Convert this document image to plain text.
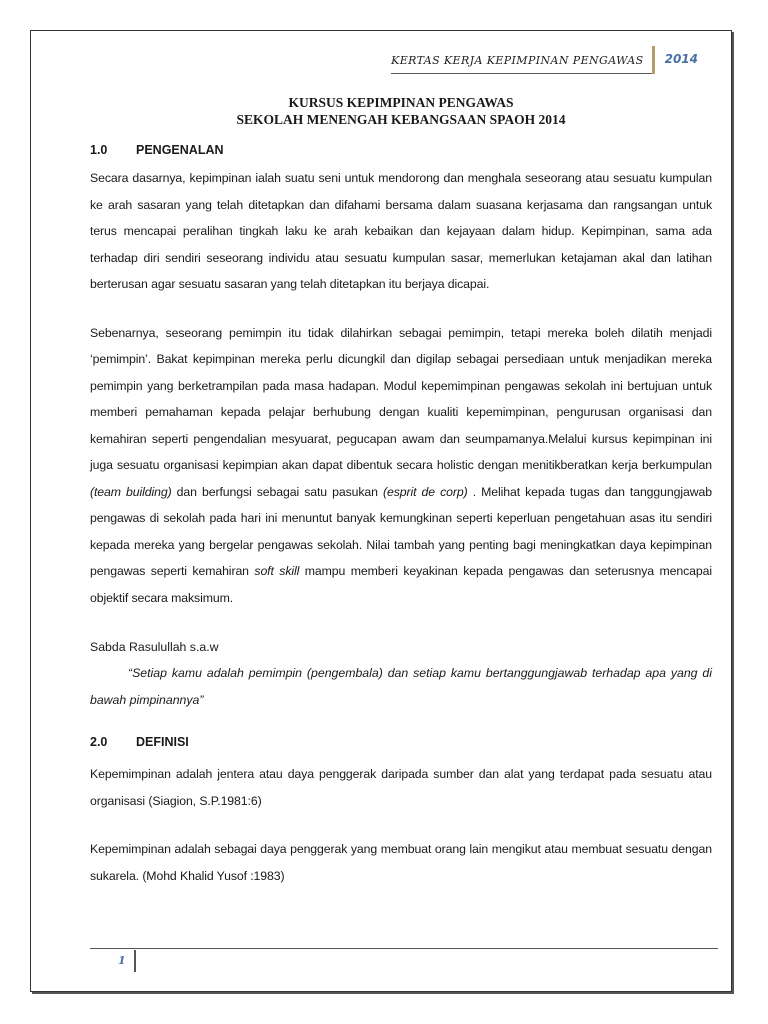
KERTAS KERJA KEPIMPINAN PENGAWAS	2014
KURSUS KEPIMPINAN PENGAWAS
SEKOLAH MENENGAH KEBANGSAAN SPAOH 2014
1.0	PENGENALAN

Secara dasarnya, kepimpinan ialah suatu seni untuk mendorong dan menghala seseorang atau sesuatu kumpulan ke arah sasaran yang telah ditetapkan dan difahami bersama dalam suasana kerjasama dan rangsangan untuk terus mencapai peralihan tingkah laku ke arah kebaikan dan kejayaan dalam hidup. Kepimpinan, sama ada terhadap diri sendiri seseorang individu atau sesuatu kumpulan sasar, memerlukan ketajaman akal dan latihan berterusan agar sesuatu sasaran yang telah ditetapkan itu berjaya dicapai.

Sebenarnya, seseorang pemimpin itu tidak dilahirkan sebagai pemimpin, tetapi mereka boleh dilatih menjadi ‘pemimpin’. Bakat kepimpinan mereka perlu dicungkil dan digilap sebagai persediaan untuk menjadikan mereka pemimpin yang berketrampilan pada masa hadapan. Modul kepemimpinan pengawas sekolah ini bertujuan untuk memberi pemahaman kepada pelajar berhubung dengan kualiti kepemimpinan, pengurusan organisasi dan kemahiran seperti pengendalian mesyuarat, pegucapan awam dan seumpamanya.Melalui kursus kepimpinan ini juga sesuatu organisasi kepimpian akan dapat dibentuk secara holistic dengan menitikberatkan kerja berkumpulan (team building) dan berfungsi sebagai satu pasukan (esprit de corp) . Melihat kepada tugas dan tanggungjawab pengawas di sekolah pada hari ini menuntut banyak kemungkinan seperti keperluan pengetahuan asas itu sendiri kepada mereka yang bergelar pengawas sekolah. Nilai tambah yang penting bagi meningkatkan daya kepimpinan pengawas seperti kemahiran soft skill mampu memberi keyakinan kepada pengawas dan seterusnya mencapai objektif secara maksimum.

Sabda Rasulullah s.a.w

“Setiap kamu adalah pemimpin (pengembala) dan setiap kamu bertanggungjawab terhadap apa yang di bawah pimpinannya”

2.0	DEFINISI

Kepemimpinan adalah jentera atau daya penggerak daripada sumber dan alat yang terdapat pada sesuatu atau organisasi (Siagion, S.P.1981:6)

Kepemimpinan adalah sebagai daya penggerak yang membuat orang lain mengikut atau membuat sesuatu dengan sukarela. (Mohd Khalid Yusof :1983)

1
